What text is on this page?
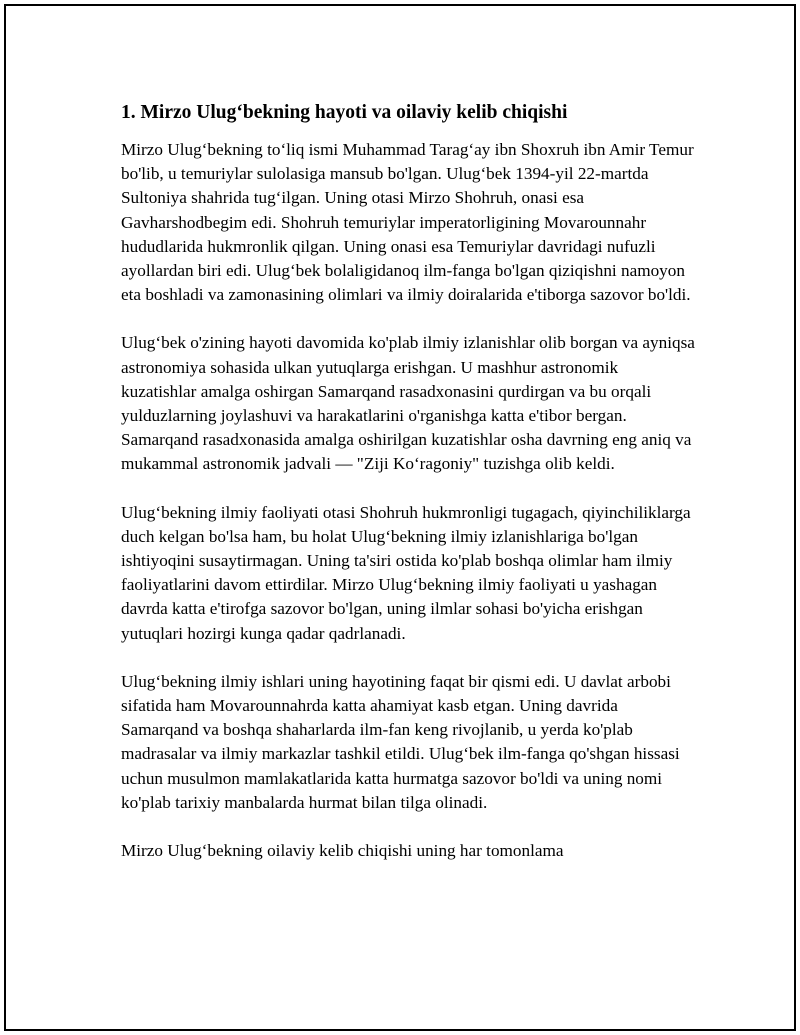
1. Mirzo Ulug‘bekning hayoti va oilaviy kelib chiqishi

Mirzo Ulug‘bekning to‘liq ismi Muhammad Tarag‘ay ibn Shoxruh ibn Amir Temur bo'lib, u temuriylar sulolasiga mansub bo'lgan. Ulug‘bek 1394-yil 22-martda Sultoniya shahrida tug‘ilgan. Uning otasi Mirzo Shohruh, onasi esa Gavharshodbegim edi. Shohruh temuriylar imperatorligining Movarounnahr hududlarida hukmronlik qilgan. Uning onasi esa Temuriylar davridagi nufuzli ayollardan biri edi. Ulug‘bek bolaligidanoq ilm-fanga bo'lgan qiziqishni namoyon eta boshladi va zamonasining olimlari va ilmiy doiralarida e'tiborga sazovor bo'ldi.

Ulug‘bek o'zining hayoti davomida ko'plab ilmiy izlanishlar olib borgan va ayniqsa astronomiya sohasida ulkan yutuqlarga erishgan. U mashhur astronomik kuzatishlar amalga oshirgan Samarqand rasadxonasini qurdirgan va bu orqali yulduzlarning joylashuvi va harakatlarini o'rganishga katta e'tibor bergan. Samarqand rasadxonasida amalga oshirilgan kuzatishlar osha davrning eng aniq va mukammal astronomik jadvali — "Ziji Ko‘ragoniy" tuzishga olib keldi.

Ulug‘bekning ilmiy faoliyati otasi Shohruh hukmronligi tugagach, qiyinchiliklarga duch kelgan bo'lsa ham, bu holat Ulug‘bekning ilmiy izlanishlariga bo'lgan ishtiyoqini susaytirmagan. Uning ta'siri ostida ko'plab boshqa olimlar ham ilmiy faoliyatlarini davom ettirdilar. Mirzo Ulug‘bekning ilmiy faoliyati u yashagan davrda katta e'tirofga sazovor bo'lgan, uning ilmlar sohasi bo'yicha erishgan yutuqlari hozirgi kunga qadar qadrlanadi.

Ulug‘bekning ilmiy ishlari uning hayotining faqat bir qismi edi. U davlat arbobi sifatida ham Movarounnahrda katta ahamiyat kasb etgan. Uning davrida Samarqand va boshqa shaharlarda ilm-fan keng rivojlanib, u yerda ko'plab madrasalar va ilmiy markazlar tashkil etildi. Ulug‘bek ilm-fanga qo'shgan hissasi uchun musulmon mamlakatlarida katta hurmatga sazovor bo'ldi va uning nomi ko'plab tarixiy manbalarda hurmat bilan tilga olinadi.

Mirzo Ulug‘bekning oilaviy kelib chiqishi uning har tomonlama
